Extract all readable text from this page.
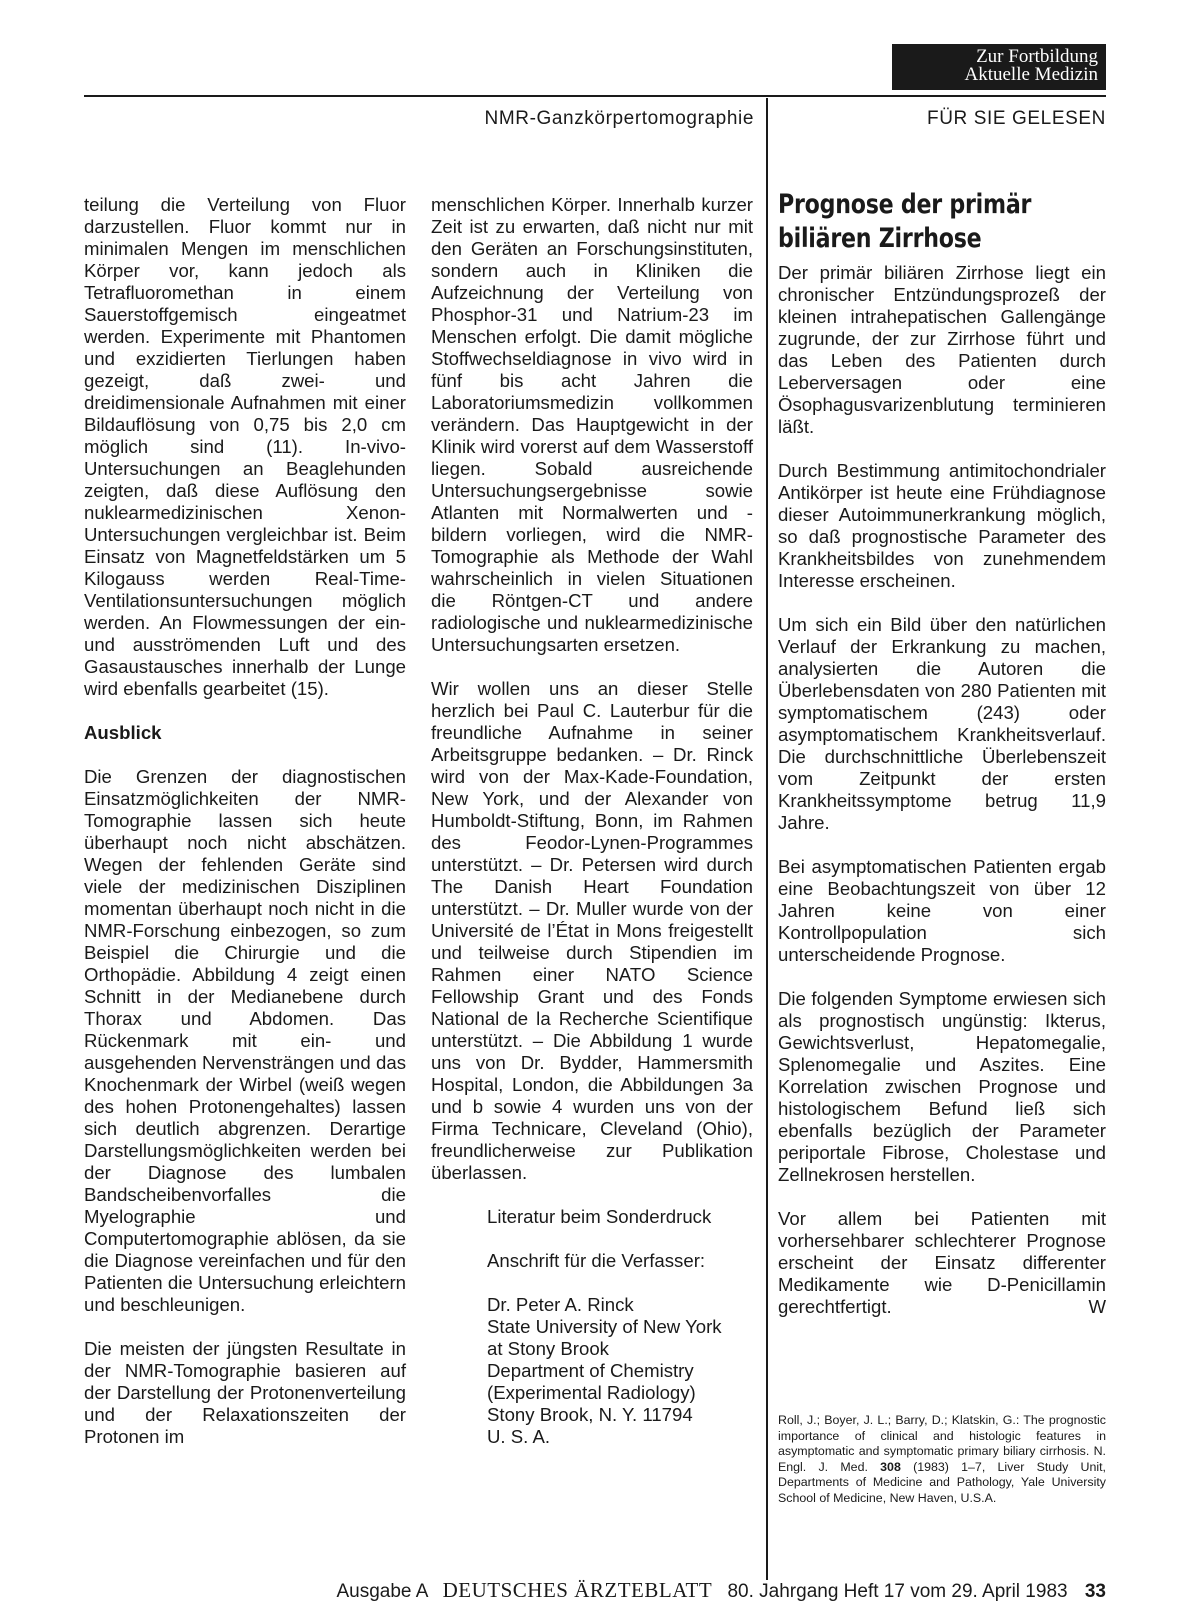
Zur Fortbildung
Aktuelle Medizin
NMR-Ganzkörpertomographie	FÜR SIE GELESEN

teilung die Verteilung von Fluor darzustellen. Fluor kommt nur in minimalen Mengen im menschlichen Körper vor, kann jedoch als Tetrafluoromethan in einem Sauerstoffgemisch eingeatmet werden. Experimente mit Phantomen und exzidierten Tierlungen haben gezeigt, daß zwei- und dreidimensionale Aufnahmen mit einer Bildauflösung von 0,75 bis 2,0 cm möglich sind (11). In-vivo-Untersuchungen an Beaglehunden zeigten, daß diese Auflösung den nuklearmedizinischen Xenon-Untersuchungen vergleichbar ist. Beim Einsatz von Magnetfeldstärken um 5 Kilogauss werden Real-Time-Ventilationsuntersuchungen möglich werden. An Flowmessungen der ein- und ausströmenden Luft und des Gasaustausches innerhalb der Lunge wird ebenfalls gearbeitet (15).

Ausblick

Die Grenzen der diagnostischen Einsatzmöglichkeiten der NMR-Tomographie lassen sich heute überhaupt noch nicht abschätzen. Wegen der fehlenden Geräte sind viele der medizinischen Disziplinen momentan überhaupt noch nicht in die NMR-Forschung einbezogen, so zum Beispiel die Chirurgie und die Orthopädie. Abbildung 4 zeigt einen Schnitt in der Medianebene durch Thorax und Abdomen. Das Rückenmark mit ein- und ausgehenden Nervensträngen und das Knochenmark der Wirbel (weiß wegen des hohen Protonengehaltes) lassen sich deutlich abgrenzen. Derartige Darstellungsmöglichkeiten werden bei der Diagnose des lumbalen Bandscheibenvorfalles die Myelographie und Computertomographie ablösen, da sie die Diagnose vereinfachen und für den Patienten die Untersuchung erleichtern und beschleunigen.

Die meisten der jüngsten Resultate in der NMR-Tomographie basieren auf der Darstellung der Protonenverteilung und der Relaxationszeiten der Protonen im

menschlichen Körper. Innerhalb kurzer Zeit ist zu erwarten, daß nicht nur mit den Geräten an Forschungsinstituten, sondern auch in Kliniken die Aufzeichnung der Verteilung von Phosphor-31 und Natrium-23 im Menschen erfolgt. Die damit mögliche Stoffwechseldiagnose in vivo wird in fünf bis acht Jahren die Laboratoriumsmedizin vollkommen verändern. Das Hauptgewicht in der Klinik wird vorerst auf dem Wasserstoff liegen. Sobald ausreichende Untersuchungsergebnisse sowie Atlanten mit Normalwerten und -bildern vorliegen, wird die NMR-Tomographie als Methode der Wahl wahrscheinlich in vielen Situationen die Röntgen-CT und andere radiologische und nuklearmedizinische Untersuchungsarten ersetzen.

Wir wollen uns an dieser Stelle herzlich bei Paul C. Lauterbur für die freundliche Aufnahme in seiner Arbeitsgruppe bedanken. – Dr. Rinck wird von der Max-Kade-Foundation, New York, und der Alexander von Humboldt-Stiftung, Bonn, im Rahmen des Feodor-Lynen-Programmes unterstützt. – Dr. Petersen wird durch The Danish Heart Foundation unterstützt. – Dr. Muller wurde von der Université de l’État in Mons freigestellt und teilweise durch Stipendien im Rahmen einer NATO Science Fellowship Grant und des Fonds National de la Recherche Scientifique unterstützt. – Die Abbildung 1 wurde uns von Dr. Bydder, Hammersmith Hospital, London, die Abbildungen 3a und b sowie 4 wurden uns von der Firma Technicare, Cleveland (Ohio), freundlicherweise zur Publikation überlassen.

Literatur beim Sonderdruck

Anschrift für die Verfasser:

Dr. Peter A. Rinck
State University of New York
at Stony Brook
Department of Chemistry
(Experimental Radiology)
Stony Brook, N. Y. 11794
U. S. A.
Prognose der primär biliären Zirrhose

Der primär biliären Zirrhose liegt ein chronischer Entzündungsprozeß der kleinen intrahepatischen Gallengänge zugrunde, der zur Zirrhose führt und das Leben des Patienten durch Leberversagen oder eine Ösophagusvarizenblutung terminieren läßt.

Durch Bestimmung antimitochondrialer Antikörper ist heute eine Frühdiagnose dieser Autoimmunerkrankung möglich, so daß prognostische Parameter des Krankheitsbildes von zunehmendem Interesse erscheinen.

Um sich ein Bild über den natürlichen Verlauf der Erkrankung zu machen, analysierten die Autoren die Überlebensdaten von 280 Patienten mit symptomatischem (243) oder asymptomatischem Krankheitsverlauf. Die durchschnittliche Überlebenszeit vom Zeitpunkt der ersten Krankheitssymptome betrug 11,9 Jahre.

Bei asymptomatischen Patienten ergab eine Beobachtungszeit von über 12 Jahren keine von einer Kontrollpopulation sich unterscheidende Prognose.

Die folgenden Symptome erwiesen sich als prognostisch ungünstig: Ikterus, Gewichtsverlust, Hepatomegalie, Splenomegalie und Aszites. Eine Korrelation zwischen Prognose und histologischem Befund ließ sich ebenfalls bezüglich der Parameter periportale Fibrose, Cholestase und Zellnekrosen herstellen.

Vor allem bei Patienten mit vorhersehbarer schlechterer Prognose erscheint der Einsatz differenter Medikamente wie D-Penicillamin gerechtfertigt.	W

Roll, J.; Boyer, J. L.; Barry, D.; Klatskin, G.: The prognostic importance of clinical and histologic features in asymptomatic and symptomatic primary biliary cirrhosis. N. Engl. J. Med. 308 (1983) 1–7, Liver Study Unit, Departments of Medicine and Pathology, Yale University School of Medicine, New Haven, U.S.A.
Ausgabe A DEUTSCHES ÄRZTEBLATT 80. Jahrgang Heft 17 vom 29. April 1983 33
